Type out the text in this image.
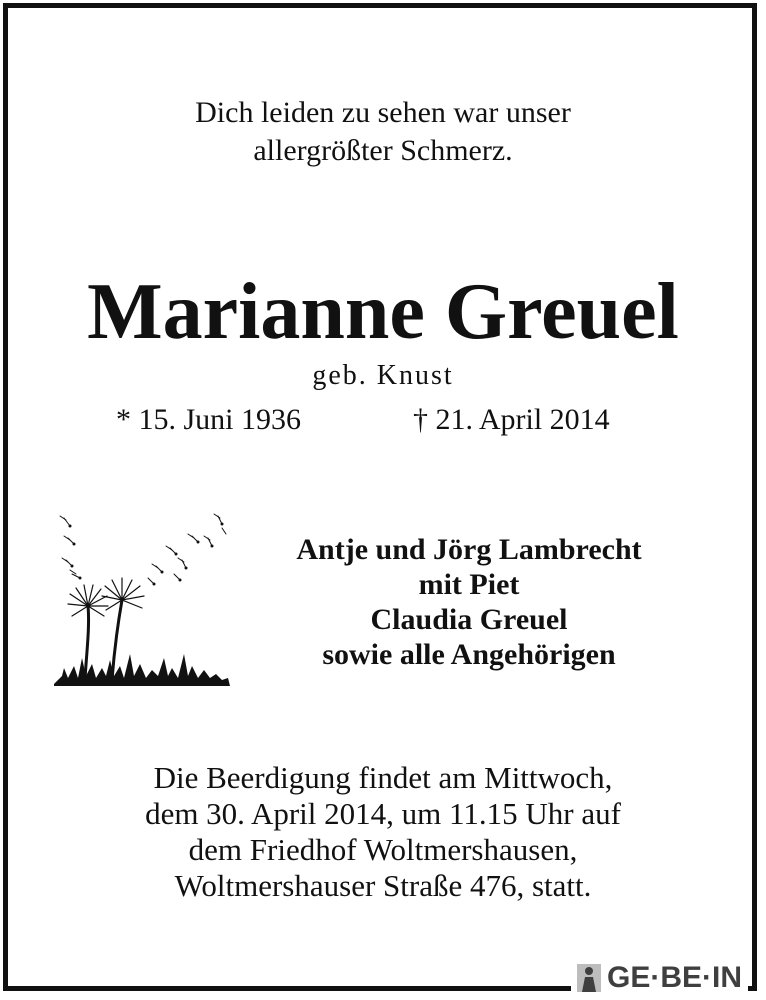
Dich leiden zu sehen war unser
allergrößter Schmerz.
Marianne Greuel
geb. Knust
* 15. Juni 1936	† 21. April 2014
Antje und Jörg Lambrecht
mit Piet
Claudia Greuel
sowie alle Angehörigen
Die Beerdigung findet am Mittwoch,
dem 30. April 2014, um 11.15 Uhr auf
dem Friedhof Woltmershausen,
Woltmershauser Straße 476, statt.
GE·BE·IN
